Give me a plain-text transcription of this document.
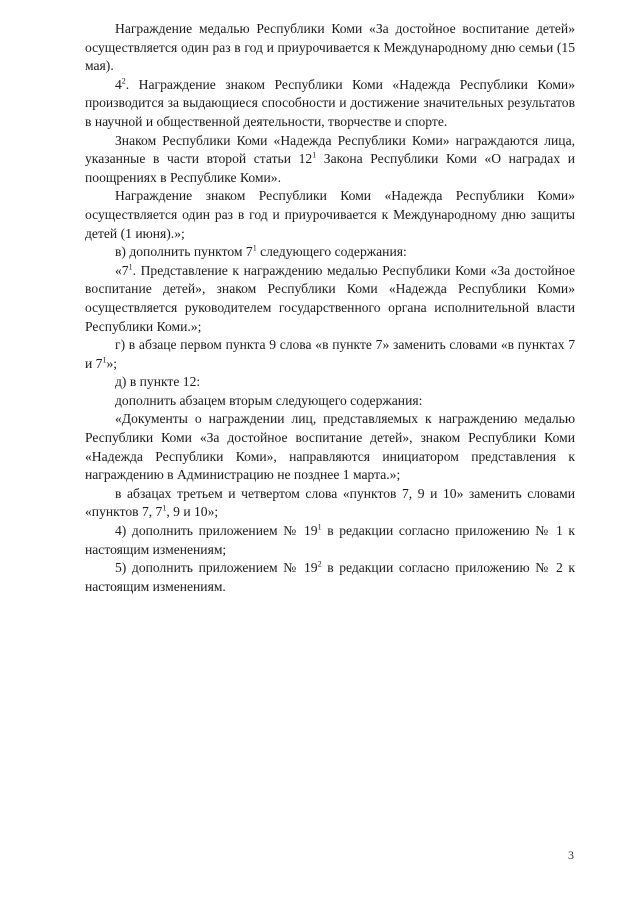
Награждение медалью Республики Коми «За достойное воспитание детей» осуществляется один раз в год и приурочивается к Международному дню семьи (15 мая).

$4^2$. Награждение знаком Республики Коми «Надежда Республики Коми» производится за выдающиеся способности и достижение значительных результатов в научной и общественной деятельности, творчестве и спорте.

Знаком Республики Коми «Надежда Республики Коми» награждаются лица, указанные в части второй статьи $12^1$ Закона Республики Коми «О наградах и поощрениях в Республике Коми».

Награждение знаком Республики Коми «Надежда Республики Коми» осуществляется один раз в год и приурочивается к Международному дню защиты детей (1 июня).»;

в) дополнить пунктом $7^1$ следующего содержания:

«$7^1$. Представление к награждению медалью Республики Коми «За достойное воспитание детей», знаком Республики Коми «Надежда Республики Коми» осуществляется руководителем государственного органа исполнительной власти Республики Коми.»;

г) в абзаце первом пункта 9 слова «в пункте 7» заменить словами «в пунктах 7 и $7^1$»;

д) в пункте 12:

дополнить абзацем вторым следующего содержания:

«Документы о награждении лиц, представляемых к награждению медалью Республики Коми «За достойное воспитание детей», знаком Республики Коми «Надежда Республики Коми», направляются инициатором представления к награждению в Администрацию не позднее 1 марта.»;

в абзацах третьем и четвертом слова «пунктов 7, 9 и 10» заменить словами «пунктов 7, $7^1$, 9 и 10»;

4) дополнить приложением № $19^1$ в редакции согласно приложению № 1 к настоящим изменениям;

5) дополнить приложением № $19^2$ в редакции согласно приложению № 2 к настоящим изменениям.

3
